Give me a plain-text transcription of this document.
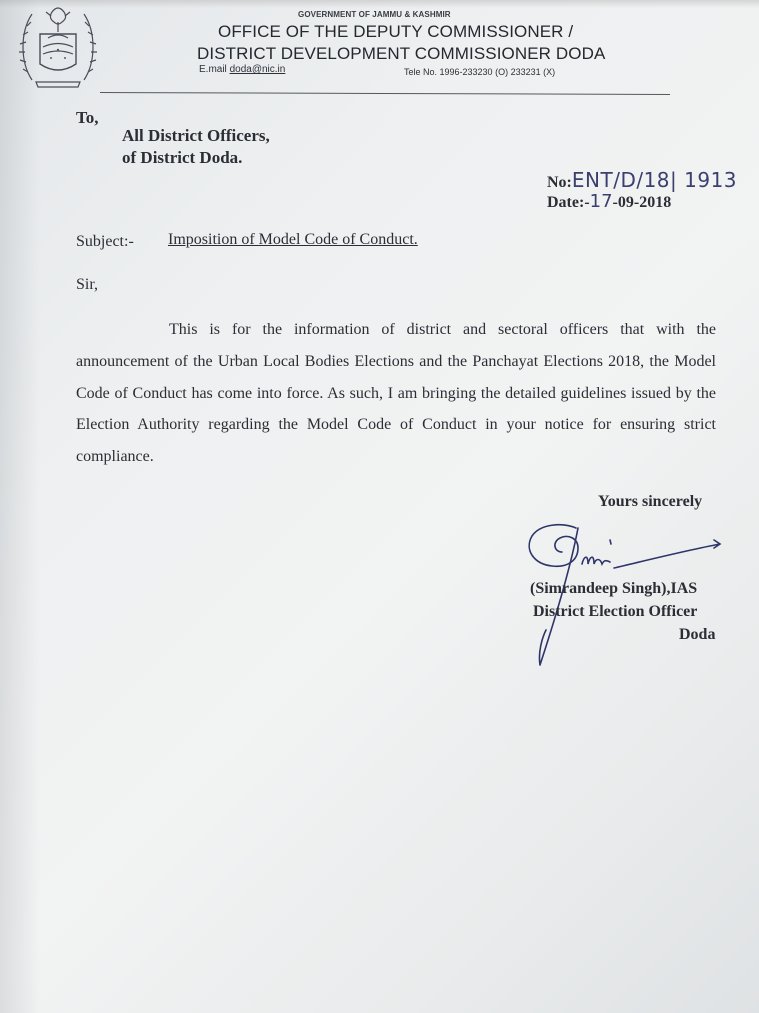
GOVERNMENT OF JAMMU & KASHMIR
OFFICE OF THE DEPUTY COMMISSIONER /
DISTRICT DEVELOPMENT COMMISSIONER DODA
E.mail doda@nic.in	Tele No. 1996-233230 (O) 233231 (X)
To,
All District Officers,
of District Doda.
No:ENT/D/18| 1913
Date:-17-09-2018
Subject:- Imposition of Model Code of Conduct.
Sir,
This is for the information of district and sectoral officers that with the announcement of the Urban Local Bodies Elections and the Panchayat Elections 2018, the Model Code of Conduct has come into force. As such, I am bringing the detailed guidelines issued by the Election Authority regarding the Model Code of Conduct in your notice for ensuring strict compliance.
Yours sincerely
(Simrandeep Singh),IAS
District Election Officer
Doda
